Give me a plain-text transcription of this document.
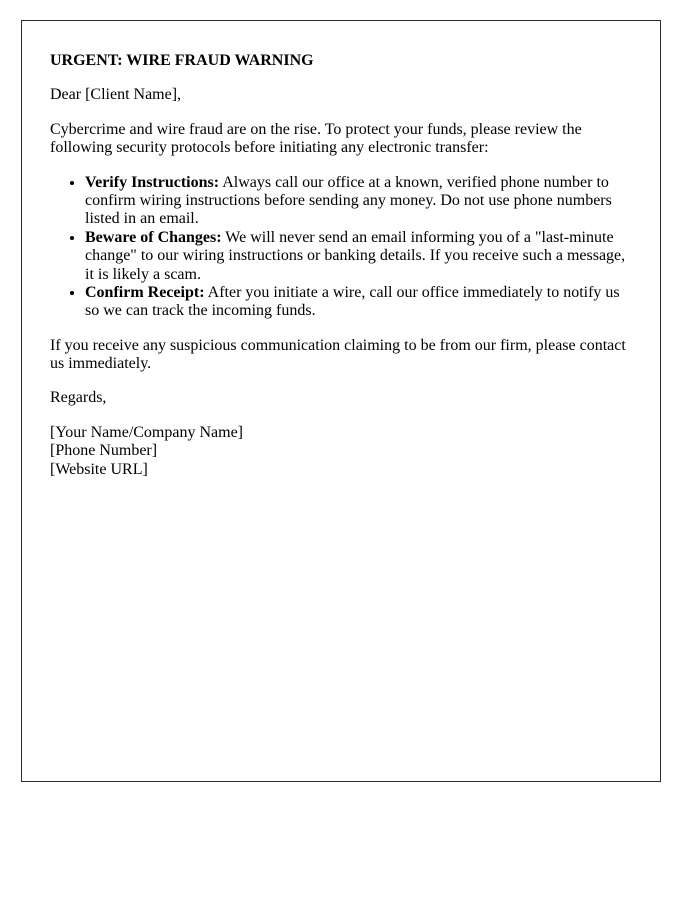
URGENT: WIRE FRAUD WARNING

Dear [Client Name],

Cybercrime and wire fraud are on the rise. To protect your funds, please review the following security protocols before initiating any electronic transfer:

• Verify Instructions: Always call our office at a known, verified phone number to confirm wiring instructions before sending any money. Do not use phone numbers listed in an email.
• Beware of Changes: We will never send an email informing you of a "last-minute change" to our wiring instructions or banking details. If you receive such a message, it is likely a scam.
• Confirm Receipt: After you initiate a wire, call our office immediately to notify us so we can track the incoming funds.

If you receive any suspicious communication claiming to be from our firm, please contact us immediately.

Regards,

[Your Name/Company Name]
[Phone Number]
[Website URL]
